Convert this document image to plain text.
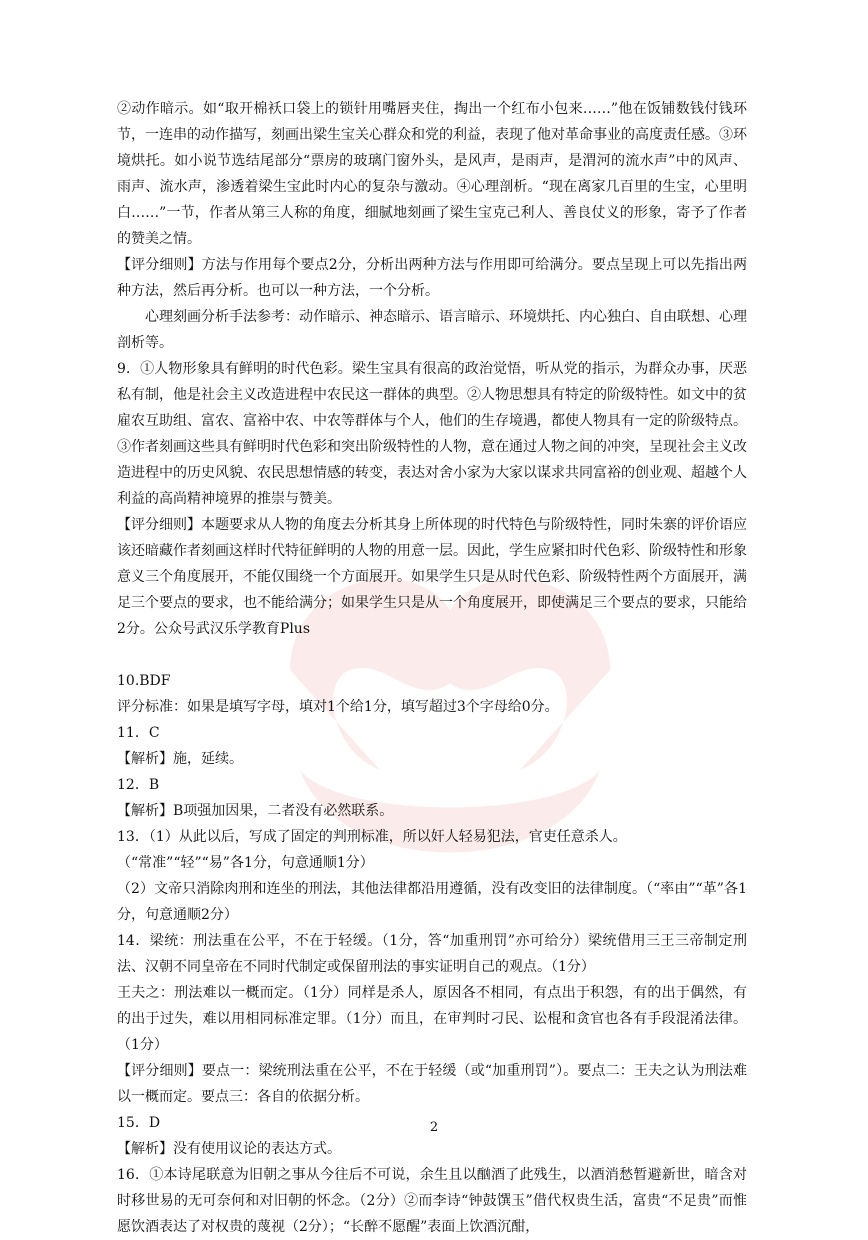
②动作暗示。如“取开棉袄口袋上的锁针用嘴唇夹住，掏出一个红布小包来……”他在饭铺数钱付钱环节，一连串的动作描写，刻画出梁生宝关心群众和党的利益，表现了他对革命事业的高度责任感。③环境烘托。如小说节选结尾部分“票房的玻璃门窗外头，是风声，是雨声，是渭河的流水声”中的风声、雨声、流水声，渗透着梁生宝此时内心的复杂与激动。④心理剖析。“现在离家几百里的生宝，心里明白……”一节，作者从第三人称的角度，细腻地刻画了梁生宝克己利人、善良仗义的形象，寄予了作者的赞美之情。

【评分细则】方法与作用每个要点2分，分析出两种方法与作用即可给满分。要点呈现上可以先指出两种方法，然后再分析。也可以一种方法，一个分析。

心理刻画分析手法参考：动作暗示、神态暗示、语言暗示、环境烘托、内心独白、自由联想、心理剖析等。

9．①人物形象具有鲜明的时代色彩。梁生宝具有很高的政治觉悟，听从党的指示，为群众办事，厌恶私有制，他是社会主义改造进程中农民这一群体的典型。②人物思想具有特定的阶级特性。如文中的贫雇农互助组、富农、富裕中农、中农等群体与个人，他们的生存境遇，都使人物具有一定的阶级特点。③作者刻画这些具有鲜明时代色彩和突出阶级特性的人物，意在通过人物之间的冲突，呈现社会主义改造进程中的历史风貌、农民思想情感的转变，表达对舍小家为大家以谋求共同富裕的创业观、超越个人利益的高尚精神境界的推崇与赞美。

【评分细则】本题要求从人物的角度去分析其身上所体现的时代特色与阶级特性，同时朱寨的评价语应该还暗藏作者刻画这样时代特征鲜明的人物的用意一层。因此，学生应紧扣时代色彩、阶级特性和形象意义三个角度展开，不能仅围绕一个方面展开。如果学生只是从时代色彩、阶级特性两个方面展开，满足三个要点的要求，也不能给满分；如果学生只是从一个角度展开，即使满足三个要点的要求，只能给2分。公众号武汉乐学教育Plus

10.BDF

评分标准：如果是填写字母，填对1个给1分，填写超过3个字母给0分。

11．C

【解析】施，延续。

12．B

【解析】B项强加因果，二者没有必然联系。

13．（1）从此以后，写成了固定的判刑标准，所以奸人轻易犯法，官吏任意杀人。

（“常准”“轻”“易”各1分，句意通顺1分）

（2）文帝只消除肉刑和连坐的刑法，其他法律都沿用遵循，没有改变旧的法律制度。（“率由”“革”各1分，句意通顺2分）

14．梁统：刑法重在公平，不在于轻缓。（1分，答“加重刑罚”亦可给分）梁统借用三王三帝制定刑法、汉朝不同皇帝在不同时代制定或保留刑法的事实证明自己的观点。（1分）

王夫之：刑法难以一概而定。（1分）同样是杀人，原因各不相同，有点出于积怨，有的出于偶然，有的出于过失，难以用相同标准定罪。（1分）而且，在审判时刁民、讼棍和贪官也各有手段混淆法律。（1分）

【评分细则】要点一：梁统刑法重在公平，不在于轻缓（或“加重刑罚”）。要点二：王夫之认为刑法难以一概而定。要点三：各自的依据分析。

15．D

【解析】没有使用议论的表达方式。

16．①本诗尾联意为旧朝之事从今往后不可说，余生且以酗酒了此残生，以酒消愁暂避新世，暗含对时移世易的无可奈何和对旧朝的怀念。（2分）②而李诗“钟鼓馔玉”借代权贵生活，富贵“不足贵”而惟愿饮酒表达了对权贵的蔑视（2分）；“长醉不愿醒”表面上饮酒沉酣，

2
